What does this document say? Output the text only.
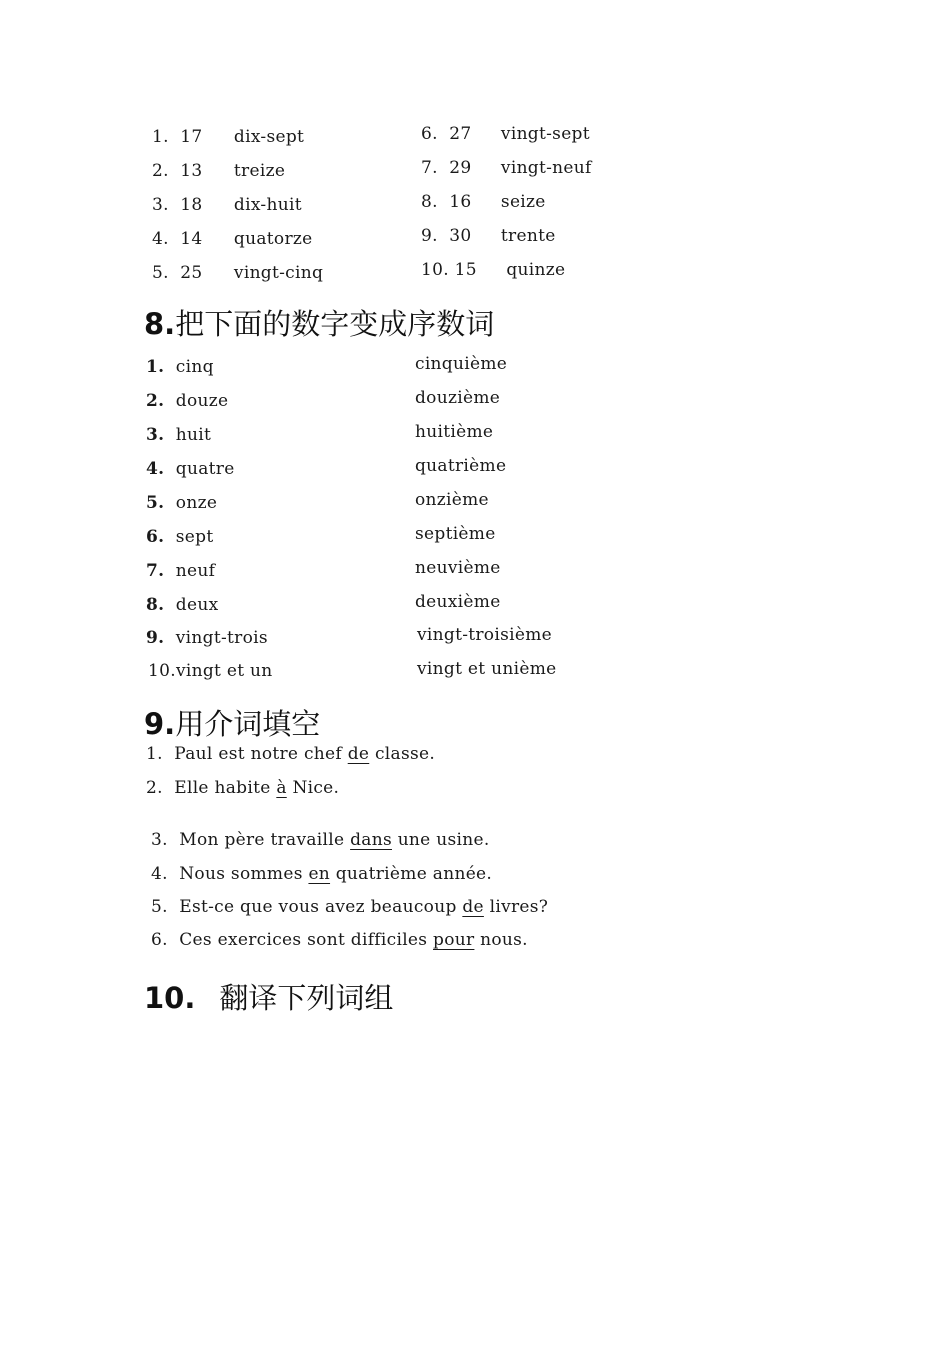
1. 17 dix-sept
2. 13 treize
3. 18 dix-huit
4. 14 quatorze
5. 25 vingt-cinq
6. 27 vingt-sept
7. 29 vingt-neuf
8. 16 seize
9. 30 trente
10. 15 quinze
8.把下面的数字变成序数词
1. cinq	cinquième
2. douze	douzième
3. huit	huitième
4. quatre	quatrième
5. onze	onzième
6. sept	septième
7. neuf	neuvième
8. deux	deuxième
9. vingt-trois	vingt-troisième
10.vingt et un	vingt et unième
9.用介词填空
1. Paul est notre chef de classe.
2. Elle habite à Nice.
3. Mon père travaille dans une usine.
4. Nous sommes en quatrième année.
5. Est-ce que vous avez beaucoup de livres?
6. Ces exercices sont difficiles pour nous.
10. 翻译下列词组
